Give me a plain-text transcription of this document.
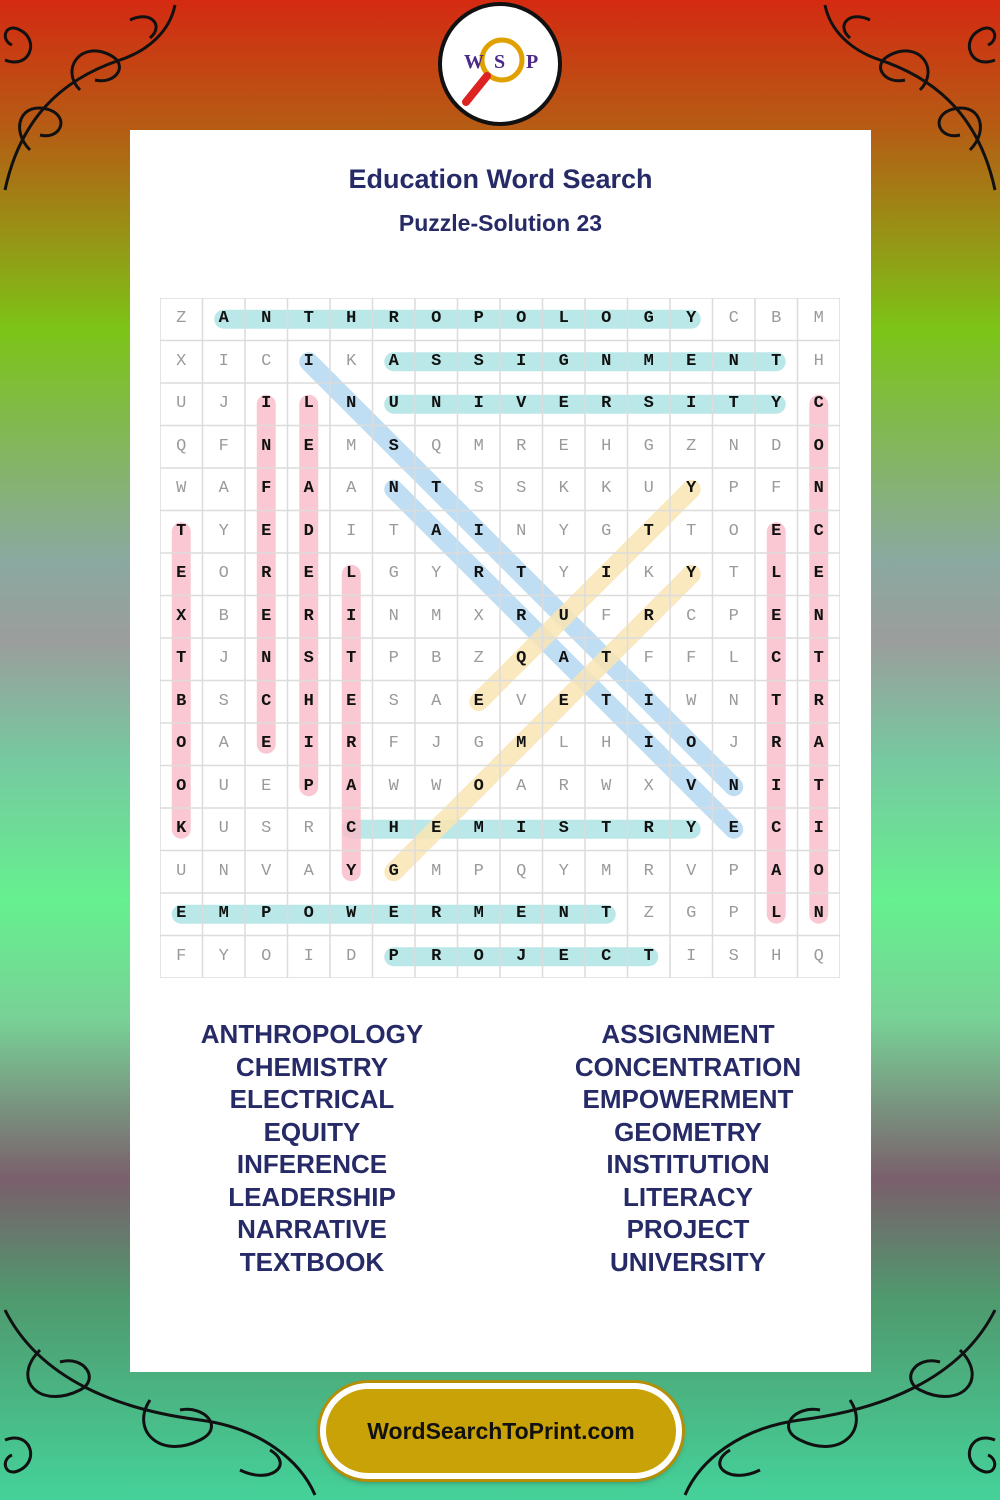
W S P
Education Word Search
Puzzle-Solution 23
Z	A	N	T	H	R	O	P	O	L	O	G	Y	C	B	M
X	I	C	I	K	A	S	S	I	G	N	M	E	N	T	H
U	J	I	L	N	U	N	I	V	E	R	S	I	T	Y	C
Q	F	N	E	M	S	Q	M	R	E	H	G	Z	N	D	O
W	A	F	A	A	N	T	S	S	K	K	U	Y	P	F	N
T	Y	E	D	I	T	A	I	N	Y	G	T	T	O	E	C
E	O	R	E	L	G	Y	R	T	Y	I	K	Y	T	L	E
X	B	E	R	I	N	M	X	R	U	F	R	C	P	E	N
T	J	N	S	T	P	B	Z	Q	A	T	F	F	L	C	T
B	S	C	H	E	S	A	E	V	E	T	I	W	N	T	R
O	A	E	I	R	F	J	G	M	L	H	I	O	J	R	A
O	U	E	P	A	W	W	O	A	R	W	X	V	N	I	T
K	U	S	R	C	H	E	M	I	S	T	R	Y	E	C	I
U	N	V	A	Y	G	M	P	Q	Y	M	R	V	P	A	O
E	M	P	O	W	E	R	M	E	N	T	Z	G	P	L	N
F	Y	O	I	D	P	R	O	J	E	C	T	I	S	H	Q
ANTHROPOLOGY
CHEMISTRY
ELECTRICAL
EQUITY
INFERENCE
LEADERSHIP
NARRATIVE
TEXTBOOK
ASSIGNMENT
CONCENTRATION
EMPOWERMENT
GEOMETRY
INSTITUTION
LITERACY
PROJECT
UNIVERSITY
WordSearchToPrint.com
